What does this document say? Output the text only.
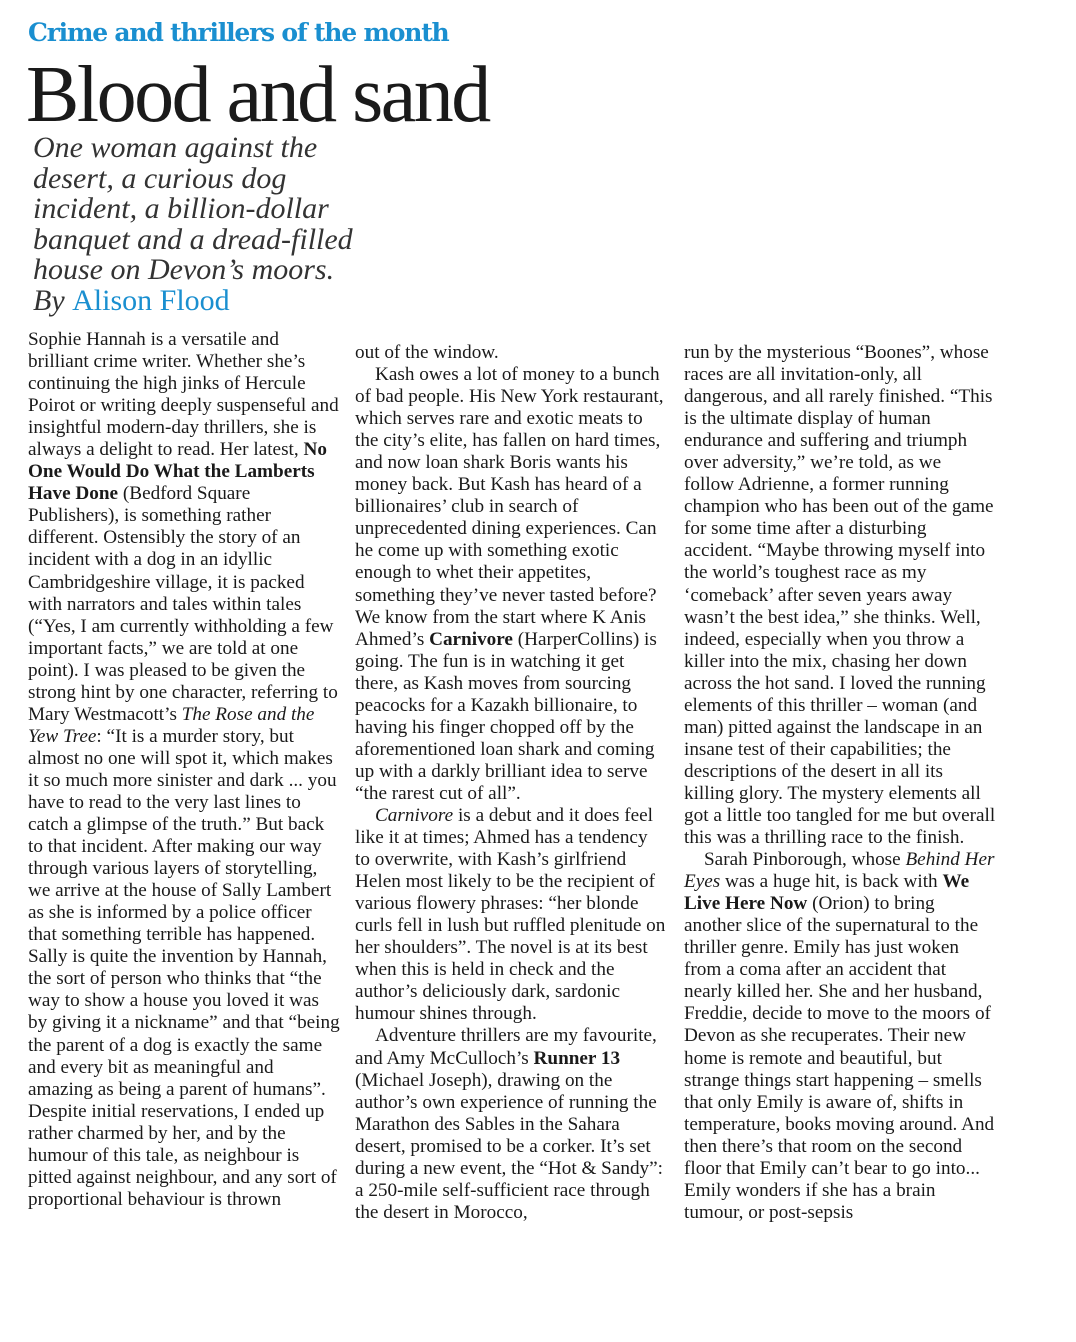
Crime and thrillers of the month
Blood and sand
One woman against the desert, a curious dog incident, a billion-dollar banquet and a dread-filled house on Devon’s moors. By Alison Flood

Sophie Hannah is a versatile and brilliant crime writer. Whether she’s continuing the high jinks of Hercule Poirot or writing deeply suspenseful and insightful modern-day thrillers, she is always a delight to read. Her latest, No One Would Do What the Lamberts Have Done (Bedford Square Publishers), is something rather different. Ostensibly the story of an incident with a dog in an idyllic Cambridgeshire village, it is packed with narrators and tales within tales (“Yes, I am currently withholding a few important facts,” we are told at one point). I was pleased to be given the strong hint by one character, referring to Mary Westmacott’s The Rose and the Yew Tree: “It is a murder story, but almost no one will spot it, which makes it so much more sinister and dark ... you have to read to the very last lines to catch a glimpse of the truth.” But back to that incident. After making our way through various layers of storytelling, we arrive at the house of Sally Lambert as she is informed by a police officer that something terrible has happened. Sally is quite the invention by Hannah, the sort of person who thinks that “the way to show a house you loved it was by giving it a nickname” and that “being the parent of a dog is exactly the same and every bit as meaningful and amazing as being a parent of humans”. Despite initial reservations, I ended up rather charmed by her, and by the humour of this tale, as neighbour is pitted against neighbour, and any sort of proportional behaviour is thrown

out of the window.

Kash owes a lot of money to a bunch of bad people. His New York restaurant, which serves rare and exotic meats to the city’s elite, has fallen on hard times, and now loan shark Boris wants his money back. But Kash has heard of a billionaires’ club in search of unprecedented dining experiences. Can he come up with something exotic enough to whet their appetites, something they’ve never tasted before? We know from the start where K Anis Ahmed’s Carnivore (HarperCollins) is going. The fun is in watching it get there, as Kash moves from sourcing peacocks for a Kazakh billionaire, to having his finger chopped off by the aforementioned loan shark and coming up with a darkly brilliant idea to serve “the rarest cut of all”.

Carnivore is a debut and it does feel like it at times; Ahmed has a tendency to overwrite, with Kash’s girlfriend Helen most likely to be the recipient of various flowery phrases: “her blonde curls fell in lush but ruffled plenitude on her shoulders”. The novel is at its best when this is held in check and the author’s deliciously dark, sardonic humour shines through.

Adventure thrillers are my favourite, and Amy McCulloch’s Runner 13 (Michael Joseph), drawing on the author’s own experience of running the Marathon des Sables in the Sahara desert, promised to be a corker. It’s set during a new event, the “Hot & Sandy”: a 250-mile self-sufficient race through the desert in Morocco,

run by the mysterious “Boones”, whose races are all invitation-only, all dangerous, and all rarely finished. “This is the ultimate display of human endurance and suffering and triumph over adversity,” we’re told, as we follow Adrienne, a former running champion who has been out of the game for some time after a disturbing accident. “Maybe throwing myself into the world’s toughest race as my ‘comeback’ after seven years away wasn’t the best idea,” she thinks. Well, indeed, especially when you throw a killer into the mix, chasing her down across the hot sand. I loved the running elements of this thriller – woman (and man) pitted against the landscape in an insane test of their capabilities; the descriptions of the desert in all its killing glory. The mystery elements all got a little too tangled for me but overall this was a thrilling race to the finish.

Sarah Pinborough, whose Behind Her Eyes was a huge hit, is back with We Live Here Now (Orion) to bring another slice of the supernatural to the thriller genre. Emily has just woken from a coma after an accident that nearly killed her. She and her husband, Freddie, decide to move to the moors of Devon as she recuperates. Their new home is remote and beautiful, but strange things start happening – smells that only Emily is aware of, shifts in temperature, books moving around. And then there’s that room on the second floor that Emily can’t bear to go into... Emily wonders if she has a brain tumour, or post-sepsis
